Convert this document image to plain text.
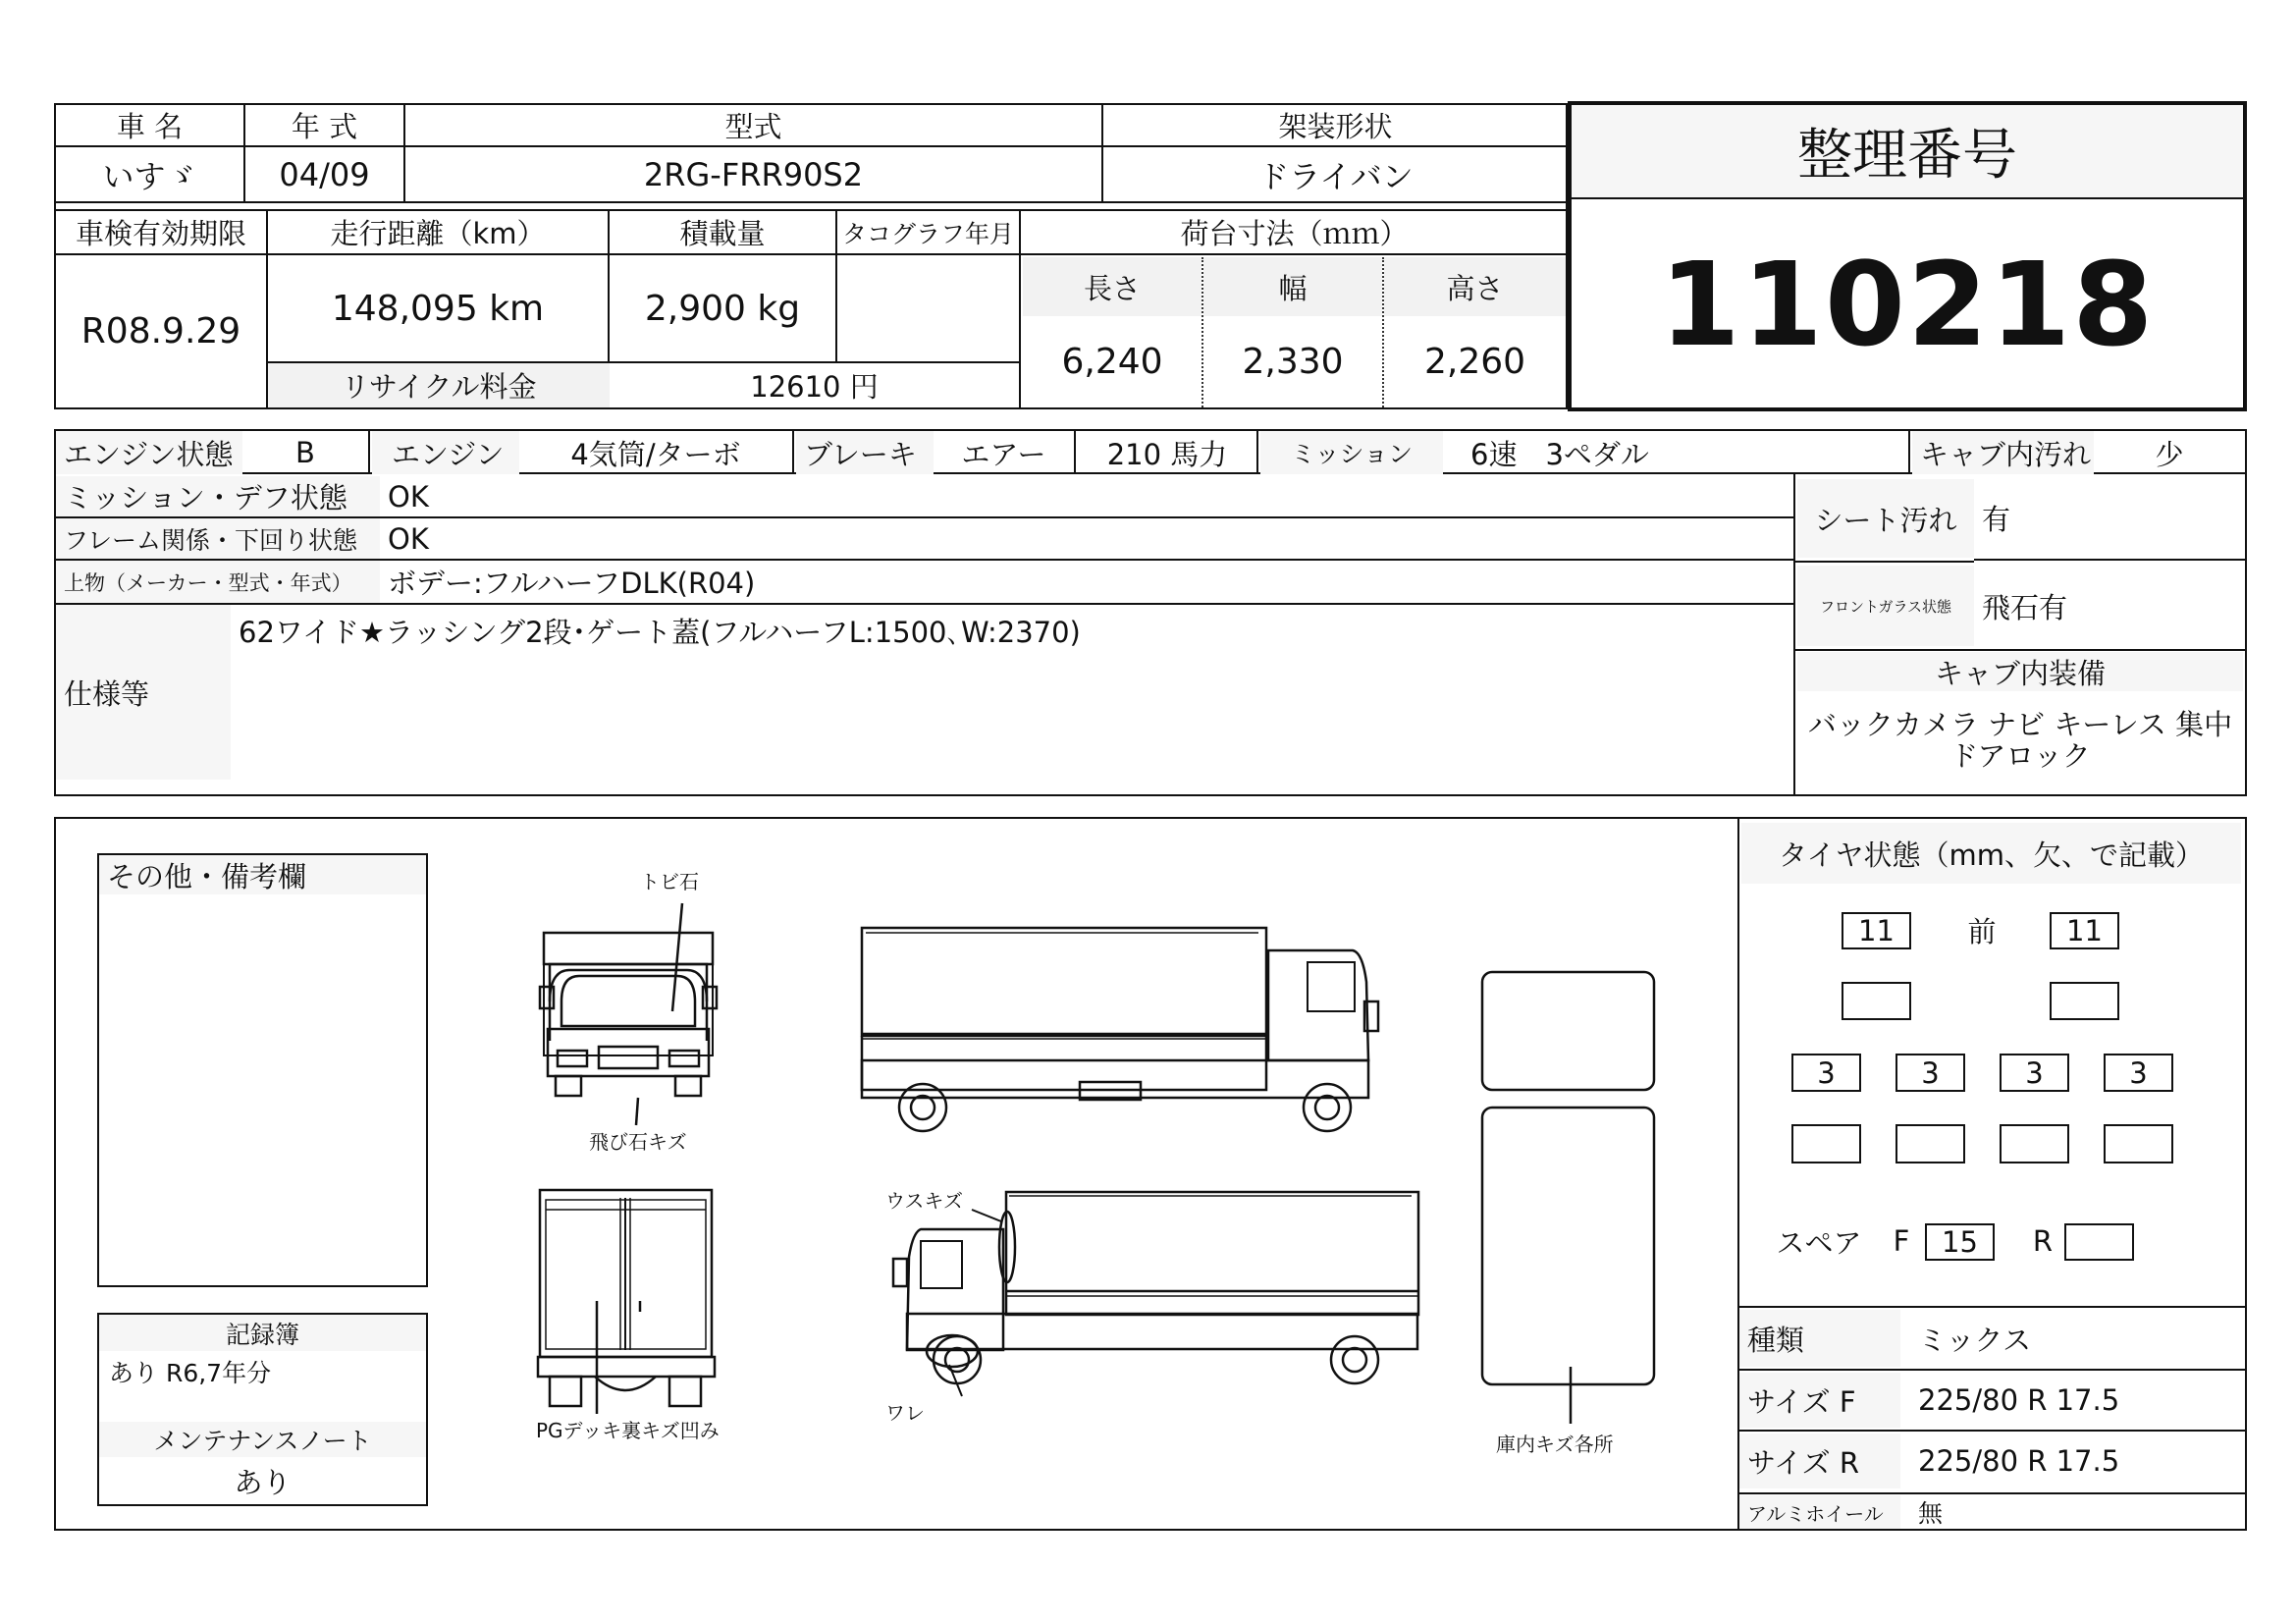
車 名	年 式	型式	架装形状
いすゞ	04/09	2RG-FRR90S2	ドライバン
車検有効期限	走行距離（km）	積載量	タコグラフ年月	荷台寸法（ｍｍ）
R08.9.29
148,095 km	2,900 kg
リサイクル料金	12610 円
長さ	幅	高さ
6,240	2,330	2,260
整理番号
110218
エンジン状態	B	エンジン	4気筒/ターボ	ブレーキ	エアー	210 馬力	ミッション	6速　3ペダル	キャブ内汚れ	少
ミッション・デフ状態	OK
フレーム関係・下回り状態	OK
上物（メーカー・型式・年式）	ボデー:フルハーフDLK(R04)
仕様等
62ワイド★ラッシング2段･ゲート蓋(フルハーフL:1500､W:2370)
シート汚れ 有
フロントガラス状態	飛石有
キャブ内装備
バックカメラ ナビ キーレス 集中ドアロック
その他・備考欄
記録簿
あり R6,7年分
メンテナンスノート
あり
トビ石
飛び石キズ
PGデッキ裏キズ凹み
ウスキズ
ワレ
庫内キズ各所
タイヤ状態（mm、欠、で記載）
前
11	11
3	3	3	3
スペア F	15	R
種類	ミックス
サイズ F	225/80 R 17.5
サイズ R	225/80 R 17.5
アルミホイール	無
